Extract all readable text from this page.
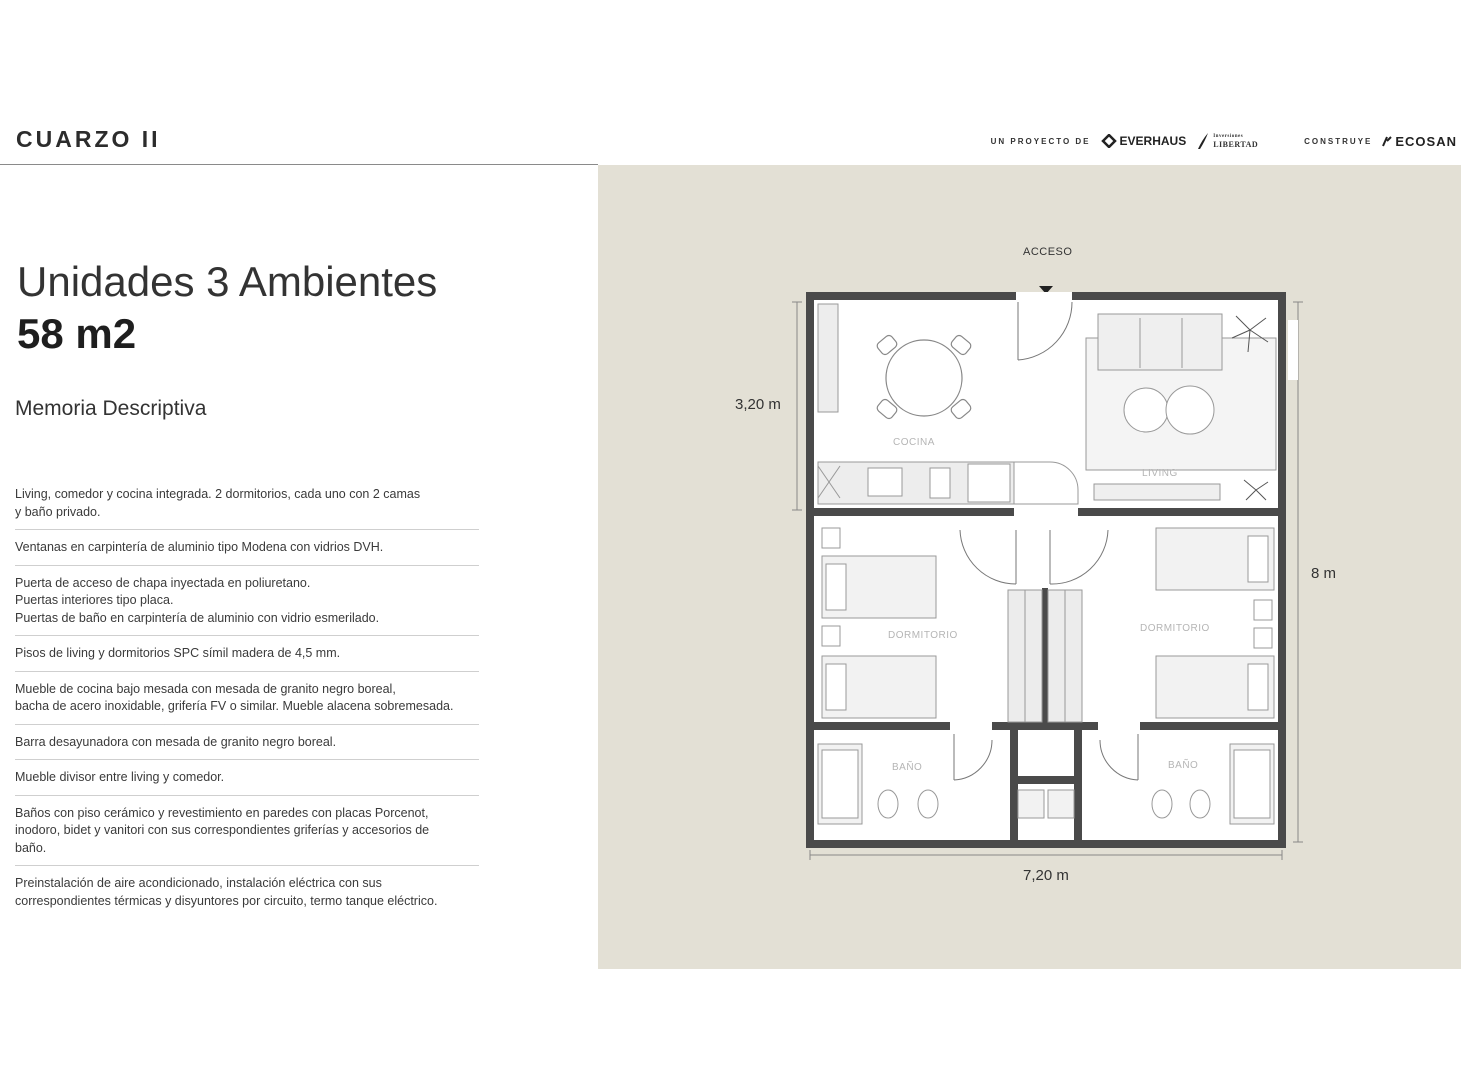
CUARZO II	UN PROYECTO DE EVERHAUS	Inversiones
LIBERTAD	CONSTRUYE ECOSAN
Unidades 3 Ambientes
58 m2
Memoria Descriptiva
Living, comedor y cocina integrada. 2 dormitorios, cada uno con 2 camas
y baño privado.
Ventanas en carpintería de aluminio tipo Modena con vidrios DVH.
Puerta de acceso de chapa inyectada en poliuretano.
Puertas interiores tipo placa.
Puertas de baño en carpintería de aluminio con vidrio esmerilado.
Pisos de living y dormitorios SPC símil madera de 4,5 mm.
Mueble de cocina bajo mesada con mesada de granito negro boreal,
bacha de acero inoxidable, grifería FV o similar. Mueble alacena sobremesada.
Barra desayunadora con mesada de granito negro boreal.
Mueble divisor entre living y comedor.
Baños con piso cerámico y revestimiento en paredes con placas Porcenot,
inodoro, bidet y vanitori con sus correspondientes griferías y accesorios de
baño.
Preinstalación de aire acondicionado, instalación eléctrica con sus
correspondientes térmicas y disyuntores por circuito, termo tanque eléctrico.
ACCESO
3,20 m
8 m
7,20 m
COCINA
LIVING
DORMITORIO
DORMITORIO
BAÑO	BAÑO
